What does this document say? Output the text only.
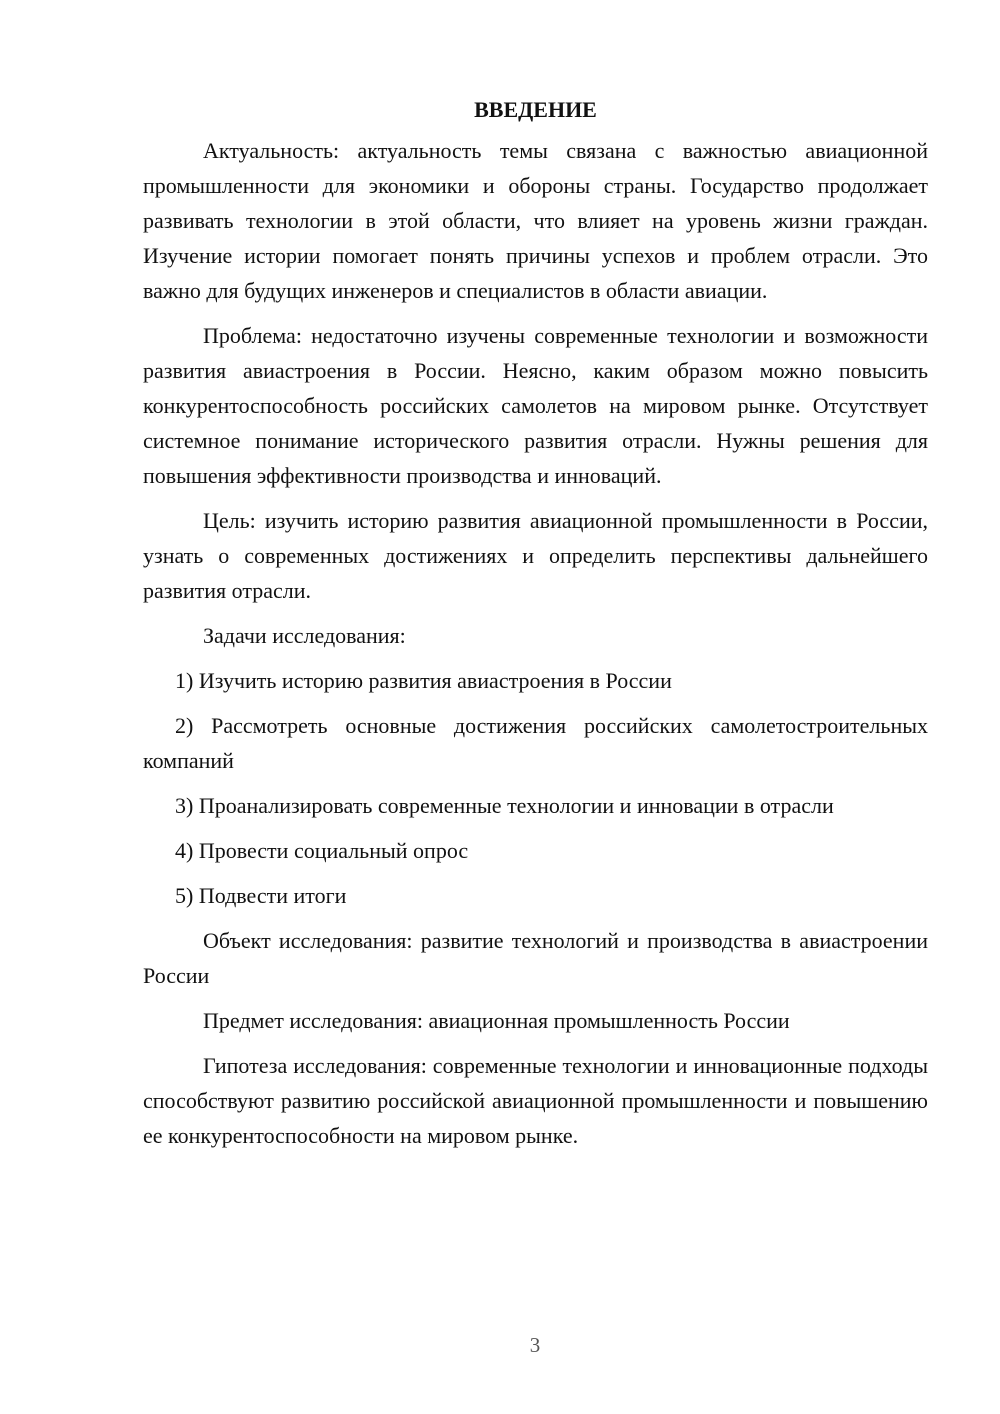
ВВЕДЕНИЕ

Актуальность: актуальность темы связана с важностью авиационной промышленности для экономики и обороны страны. Государство продолжает развивать технологии в этой области, что влияет на уровень жизни граждан. Изучение истории помогает понять причины успехов и проблем отрасли. Это важно для будущих инженеров и специалистов в области авиации.

Проблема: недостаточно изучены современные технологии и возможности развития авиастроения в России. Неясно, каким образом можно повысить конкурентоспособность российских самолетов на мировом рынке. Отсутствует системное понимание исторического развития отрасли. Нужны решения для повышения эффективности производства и инноваций.

Цель: изучить историю развития авиационной промышленности в России, узнать о современных достижениях и определить перспективы дальнейшего развития отрасли.

Задачи исследования:

1) Изучить историю развития авиастроения в России

2) Рассмотреть основные достижения российских самолетостроительных компаний

3) Проанализировать современные технологии и инновации в отрасли

4) Провести социальный опрос

5) Подвести итоги

Объект исследования: развитие технологий и производства в авиастроении России

Предмет исследования: авиационная промышленность России

Гипотеза исследования: современные технологии и инновационные подходы способствуют развитию российской авиационной промышленности и повышению ее конкурентоспособности на мировом рынке.

3
